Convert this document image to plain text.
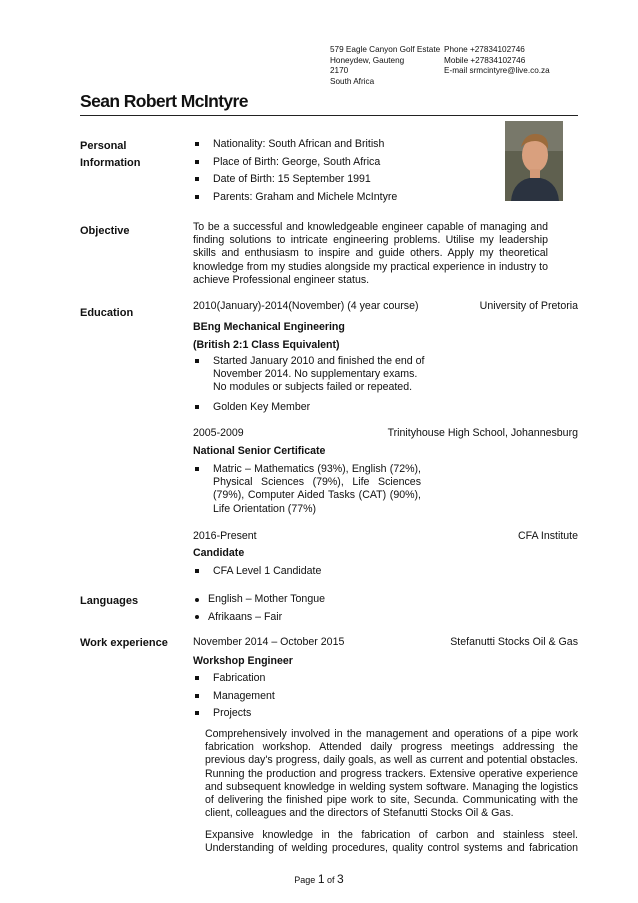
579 Eagle Canyon Golf Estate
Honeydew, Gauteng
2170
South Africa
Phone +27834102746
Mobile +27834102746
E-mail srmcintyre@live.co.za
Sean Robert McIntyre
Personal
Information
Nationality: South African and British
Place of Birth: George, South Africa
Date of Birth: 15 September 1991
Parents: Graham and Michele McIntyre
Objective	To be a successful and knowledgeable engineer capable of managing and finding solutions to intricate engineering problems. Utilise my leadership skills and enthusiasm to inspire and guide others. Apply my theoretical knowledge from my studies alongside my practical experience in industry to achieve Professional engineer status.
Education
2010(January)-2014(November) (4 year course)	University of Pretoria
BEng Mechanical Engineering
(British 2:1 Class Equivalent)
Started January 2010 and finished the end of November 2014. No supplementary exams. No modules or subjects failed or repeated.
Golden Key Member
2005-2009	Trinityhouse High School, Johannesburg
National Senior Certificate
Matric – Mathematics (93%), English (72%), Physical Sciences (79%), Life Sciences (79%), Computer Aided Tasks (CAT) (90%), Life Orientation (77%)
2016-Present	CFA Institute
Candidate
CFA Level 1 Candidate
Languages	English – Mother Tongue
Afrikaans – Fair
Work experience November 2014 – October 2015	Stefanutti Stocks Oil & Gas
Workshop Engineer
Fabrication
Management
Projects
Comprehensively involved in the management and operations of a pipe work fabrication workshop. Attended daily progress meetings addressing the previous day's progress, daily goals, as well as current and potential obstacles. Running the production and progress trackers. Extensive operative experience and subsequent knowledge in welding system software. Managing the logistics of delivering the finished pipe work to site, Secunda. Communicating with the client, colleagues and the directors of Stefanutti Stocks Oil & Gas.
Expansive knowledge in the fabrication of carbon and stainless steel. Understanding of welding procedures, quality control systems and fabrication
Page 1 of 3
